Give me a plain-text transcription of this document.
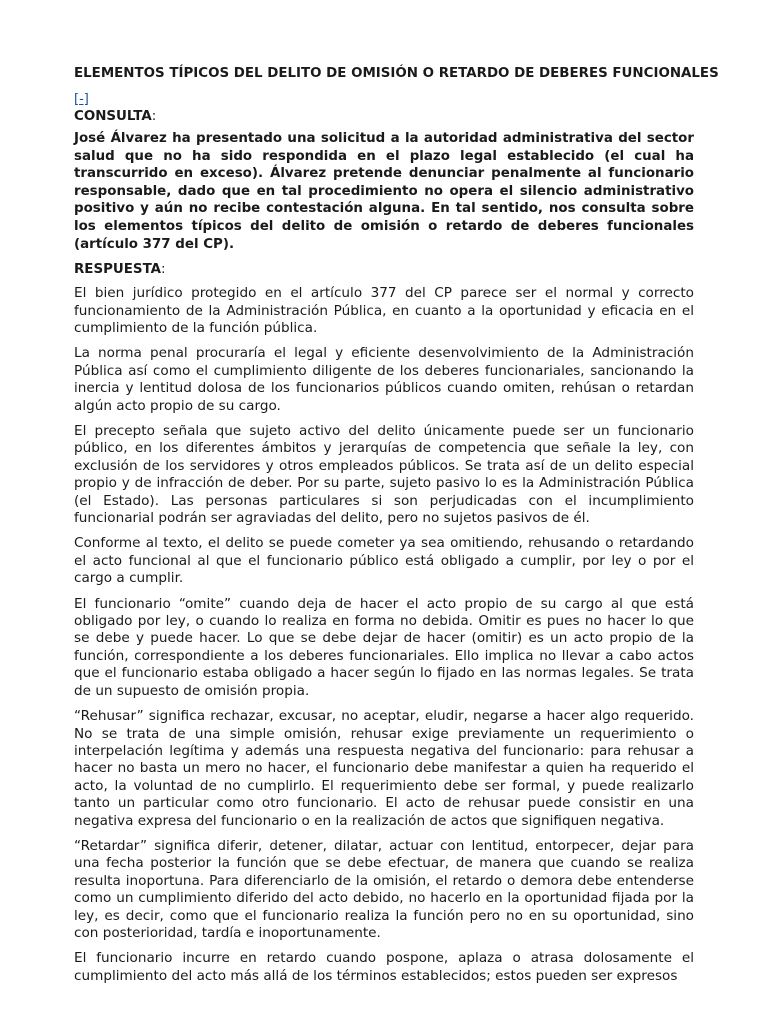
ELEMENTOS TÍPICOS DEL DELITO DE OMISIÓN O RETARDO DE DEBERES FUNCIONALES
[-]
CONSULTA:

José Álvarez ha presentado una solicitud a la autoridad administrativa del sector salud que no ha sido respondida en el plazo legal establecido (el cual ha transcurrido en exceso). Álvarez pretende denunciar penalmente al funcionario responsable, dado que en tal procedimiento no opera el silencio administrativo positivo y aún no recibe contestación alguna. En tal sentido, nos consulta sobre los elementos típicos del delito de omisión o retardo de deberes funcionales (artículo 377 del CP).

RESPUESTA:

El bien jurídico protegido en el artículo 377 del CP parece ser el normal y correcto funcionamiento de la Administración Pública, en cuanto a la oportunidad y eficacia en el cumplimiento de la función pública.

La norma penal procuraría el legal y eficiente desenvolvimiento de la Administración Pública así como el cumplimiento diligente de los deberes funcionariales, sancionando la inercia y lentitud dolosa de los funcionarios públicos cuando omiten, rehúsan o retardan algún acto propio de su cargo.

El precepto señala que sujeto activo del delito únicamente puede ser un funcionario público, en los diferentes ámbitos y jerarquías de competencia que señale la ley, con exclusión de los servidores y otros empleados públicos. Se trata así de un delito especial propio y de infracción de deber. Por su parte, sujeto pasivo lo es la Administración Pública (el Estado). Las personas particulares si son perjudicadas con el incumplimiento funcionarial podrán ser agraviadas del delito, pero no sujetos pasivos de él.

Conforme al texto, el delito se puede cometer ya sea omitiendo, rehusando o retardando el acto funcional al que el funcionario público está obligado a cumplir, por ley o por el cargo a cumplir.

El funcionario “omite” cuando deja de hacer el acto propio de su cargo al que está obligado por ley, o cuando lo realiza en forma no debida. Omitir es pues no hacer lo que se debe y puede hacer. Lo que se debe dejar de hacer (omitir) es un acto propio de la función, correspondiente a los deberes funcionariales. Ello implica no llevar a cabo actos que el funcionario estaba obligado a hacer según lo fijado en las normas legales. Se trata de un supuesto de omisión propia.

“Rehusar” significa rechazar, excusar, no aceptar, eludir, negarse a hacer algo requerido. No se trata de una simple omisión, rehusar exige previamente un requerimiento o interpelación legítima y además una respuesta negativa del funcionario: para rehusar a hacer no basta un mero no hacer, el funcionario debe manifestar a quien ha requerido el acto, la voluntad de no cumplirlo. El requerimiento debe ser formal, y puede realizarlo tanto un particular como otro funcionario. El acto de rehusar puede consistir en una negativa expresa del funcionario o en la realización de actos que signifiquen negativa.

“Retardar” significa diferir, detener, dilatar, actuar con lentitud, entorpecer, dejar para una fecha posterior la función que se debe efectuar, de manera que cuando se realiza resulta inoportuna. Para diferenciarlo de la omisión, el retardo o demora debe entenderse como un cumplimiento diferido del acto debido, no hacerlo en la oportunidad fijada por la ley, es decir, como que el funcionario realiza la función pero no en su oportunidad, sino con posterioridad, tardía e inoportunamente.

El funcionario incurre en retardo cuando pospone, aplaza o atrasa dolosamente el cumplimiento del acto más allá de los términos establecidos; estos pueden ser expresos
